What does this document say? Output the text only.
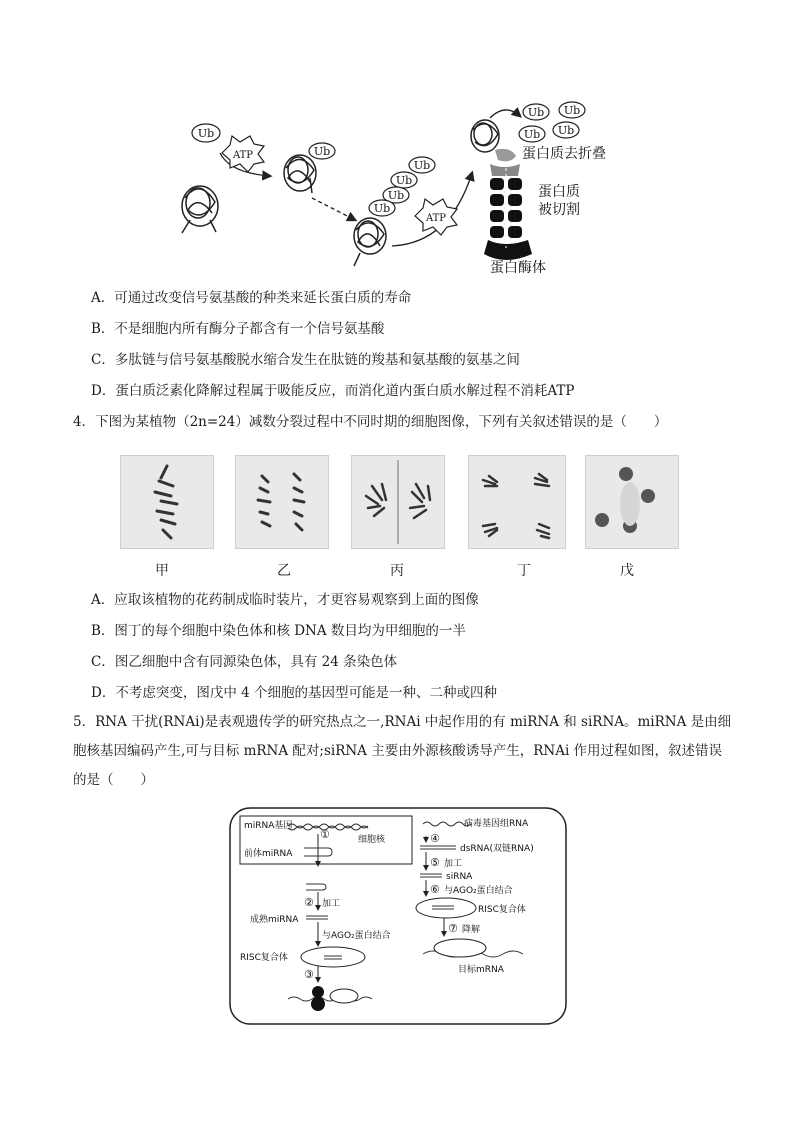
Ub
Ub
Ub
Ub
Ub
Ub
Ub Ub
Ub Ub
ATP
ATP
蛋白质去折叠
蛋白质
被切割
蛋白酶体
A．可通过改变信号氨基酸的种类来延长蛋白质的寿命
B．不是细胞内所有酶分子都含有一个信号氨基酸
C．多肽链与信号氨基酸脱水缩合发生在肽链的羧基和氨基酸的氨基之间
D．蛋白质泛素化降解过程属于吸能反应，而消化道内蛋白质水解过程不消耗ATP
4．下图为某植物（2n=24）减数分裂过程中不同时期的细胞图像，下列有关叙述错误的是（　　）
甲	乙	丙	丁	戊
A．应取该植物的花药制成临时装片，才更容易观察到上面的图像
B．图丁的每个细胞中染色体和核 DNA 数目均为甲细胞的一半
C．图乙细胞中含有同源染色体，具有 24 条染色体
D．不考虑突变，图戊中 4 个细胞的基因型可能是一种、二种或四种
5．RNA 干扰(RNAi)是表观遗传学的研究热点之一,RNAi 中起作用的有 miRNA 和 siRNA。miRNA 是由细胞核基因编码产生,可与目标 mRNA 配对;siRNA 主要由外源核酸诱导产生，RNAi 作用过程如图，叙述错误的是（　　）
miRNA基因
①	细胞核
前体miRNA
② 加工
成熟miRNA
与AGO₂蛋白结合
RISC复合体
③
病毒基因组RNA
④
dsRNA(双链RNA)
⑤ 加工
siRNA
⑥ 与AGO₂蛋白结合
RISC复合体
⑦ 降解
目标mRNA
